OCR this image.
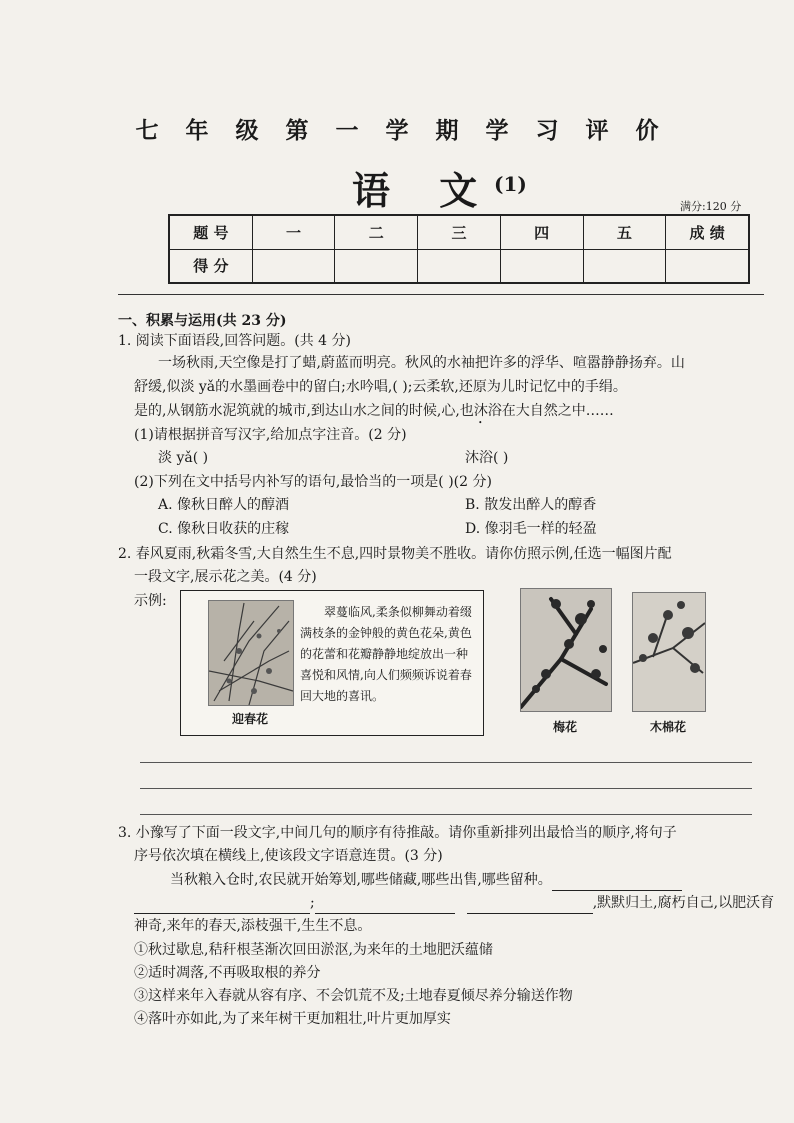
七年级第一学期学习评价
语 文
(1)
满分:120 分
题 号	一	二	三	四	五	成 绩
得 分						
一、积累与运用(共 23 分)
1. 阅读下面语段,回答问题。(共 4 分)
一场秋雨,天空像是打了蜡,蔚蓝而明亮。秋风的水袖把许多的浮华、喧嚣静静扬弃。山
舒缓,似淡 yǎ的水墨画卷中的留白;水吟唱,( );云柔软,还原为儿时记忆中的手绢。
是的,从钢筋水泥筑就的城市,到达山水之间的时候,心,也沐浴在大自然之中……
(1)请根据拼音写汉字,给加点字注音。(2 分)
淡 yǎ( )	沐浴( )
(2)下列在文中括号内补写的语句,最恰当的一项是( )(2 分)
A. 像秋日醉人的醇酒	B. 散发出醉人的醇香
C. 像秋日收获的庄稼	D. 像羽毛一样的轻盈
2. 春风夏雨,秋霜冬雪,大自然生生不息,四时景物美不胜收。请你仿照示例,任选一幅图片配
一段文字,展示花之美。(4 分)
示例:
迎春花
翠蔓临风,柔条似柳舞动着缀满枝条的金钟般的黄色花朵,黄色的花蕾和花瓣静静地绽放出一种喜悦和风情,向人们频频诉说着春回大地的喜讯。
梅花	木棉花
3. 小豫写了下面一段文字,中间几句的顺序有待推敲。请你重新排列出最恰当的顺序,将句子
序号依次填在横线上,使该段文字语意连贯。(3 分)
当秋粮入仓时,农民就开始筹划,哪些储藏,哪些出售,哪些留种。
;	,默默归土,腐朽自己,以肥沃育
神奇,来年的春天,添枝强干,生生不息。
①秋过歇息,秸秆根茎渐次回田淤沤,为来年的土地肥沃蕴储
②适时凋落,不再吸取根的养分
③这样来年入春就从容有序、不会饥荒不及;土地春夏倾尽养分输送作物
④落叶亦如此,为了来年树干更加粗壮,叶片更加厚实
